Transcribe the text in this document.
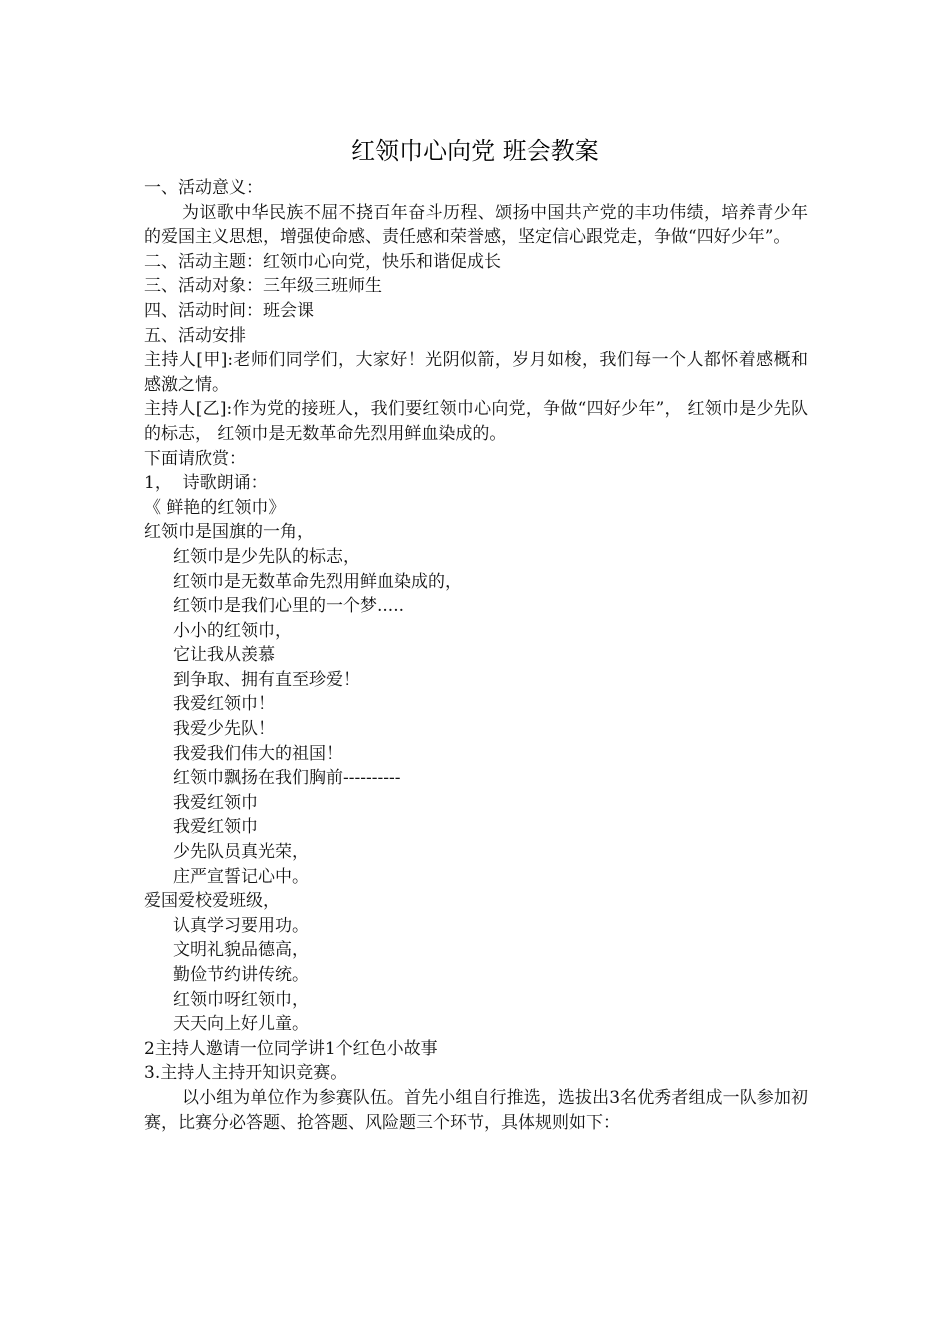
红领巾心向党 班会教案
一、活动意义：
为讴歌中华民族不屈不挠百年奋斗历程、颂扬中国共产党的丰功伟绩，培养青少年的爱国主义思想，增强使命感、责任感和荣誉感，坚定信心跟党走，争做“四好少年”。
二、活动主题：红领巾心向党，快乐和谐促成长
三、活动对象：三年级三班师生
四、活动时间：班会课
五、活动安排
主持人[甲]:老师们同学们，大家好！光阴似箭，岁月如梭，我们每一个人都怀着感概和感激之情。
主持人[乙]:作为党的接班人，我们要红领巾心向党，争做“四好少年”， 红领巾是少先队的标志， 红领巾是无数革命先烈用鲜血染成的。
下面请欣赏：
1，  诗歌朗诵：
《 鲜艳的红领巾》
红领巾是国旗的一角，
红领巾是少先队的标志，
红领巾是无数革命先烈用鲜血染成的，
红领巾是我们心里的一个梦.....
小小的红领巾，
它让我从羡慕
到争取、拥有直至珍爱！
我爱红领巾！
我爱少先队！
我爱我们伟大的祖国！
红领巾飘扬在我们胸前----------
我爱红领巾
我爱红领巾
少先队员真光荣，
庄严宣誓记心中。
爱国爱校爱班级，
认真学习要用功。
文明礼貌品德高，
勤俭节约讲传统。
红领巾呀红领巾，
天天向上好儿童。
2主持人邀请一位同学讲1个红色小故事
3.主持人主持开知识竞赛。
以小组为单位作为参赛队伍。首先小组自行推选，选拔出3名优秀者组成一队参加初赛，比赛分必答题、抢答题、风险题三个环节，具体规则如下：
